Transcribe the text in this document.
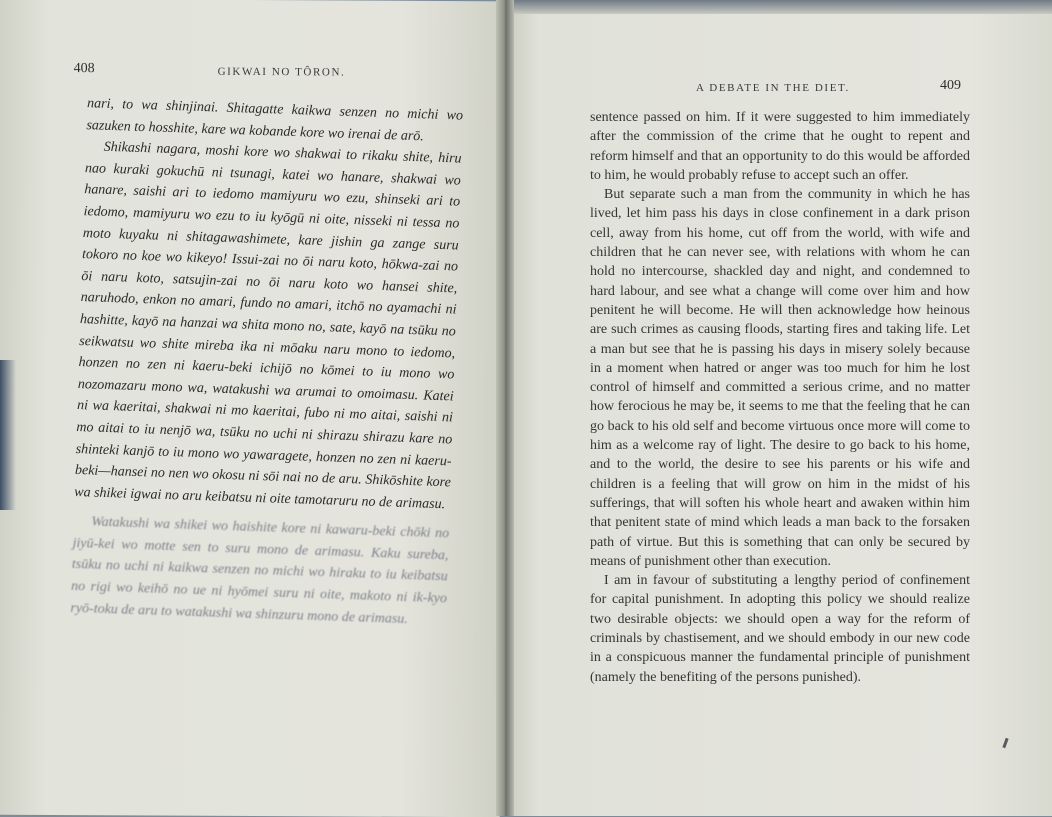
408	GIKWAI NO TÔRON.

nari, to wa shinjinai. Shitagatte kaikwa senzen no michi wo sazuken to hosshite, kare wa kobande kore wo irenai de arō.

Shikashi nagara, moshi kore wo shakwai to rikaku shite, hiru nao kuraki gokuchū ni tsunagi, katei wo hanare, shakwai wo hanare, saishi ari to iedomo mamiyuru wo ezu, shinseki ari to iedomo, mamiyuru wo ezu to iu kyōgū ni oite, nisseki ni tessa no moto kuyaku ni shitagawashimete, kare jishin ga zange suru tokoro no koe wo kikeyo! Issui-zai no ōi naru koto, hōkwa-zai no ōi naru koto, satsujin-zai no ōi naru koto wo hansei shite, naruhodo, enkon no amari, fundo no amari, itchō no ayamachi ni hashitte, kayō na hanzai wa shita mono no, sate, kayō na tsūku no seikwatsu wo shite mireba ika ni mōaku naru mono to iedomo, honzen no zen ni kaeru-beki ichijō no kōmei to iu mono wo nozomazaru mono wa, watakushi wa arumai to omoimasu. Katei ni wa kaeritai, shakwai ni mo kaeritai, fubo ni mo aitai, saishi ni mo aitai to iu nenjō wa, tsūku no uchi ni shirazu shirazu kare no shinteki kanjō to iu mono wo yawaragete, honzen no zen ni kaeru-beki—hansei no nen wo okosu ni sōi nai no de aru. Shikōshite kore wa shikei igwai no aru keibatsu ni oite tamotaruru no de arimasu.

Watakushi wa shikei wo haishite kore ni kawaru-beki chōki no jiyū-kei wo motte sen to suru mono de arimasu. Kaku sureba, tsūku no uchi ni kaikwa senzen no michi wo hiraku to iu keibatsu no rigi wo keihō no ue ni hyōmei suru ni oite, makoto ni ik-kyo ryō-toku de aru to watakushi wa shinzuru mono de arimasu.

A DEBATE IN THE DIET.	409

sentence passed on him. If it were suggested to him immediately after the commission of the crime that he ought to repent and reform himself and that an opportunity to do this would be afforded to him, he would probably refuse to accept such an offer.

But separate such a man from the community in which he has lived, let him pass his days in close confinement in a dark prison cell, away from his home, cut off from the world, with wife and children that he can never see, with relations with whom he can hold no intercourse, shackled day and night, and condemned to hard labour, and see what a change will come over him and how penitent he will become. He will then acknowledge how heinous are such crimes as causing floods, starting fires and taking life. Let a man but see that he is passing his days in misery solely because in a moment when hatred or anger was too much for him he lost control of himself and committed a serious crime, and no matter how ferocious he may be, it seems to me that the feeling that he can go back to his old self and become virtuous once more will come to him as a welcome ray of light. The desire to go back to his home, and to the world, the desire to see his parents or his wife and children is a feeling that will grow on him in the midst of his sufferings, that will soften his whole heart and awaken within him that penitent state of mind which leads a man back to the forsaken path of virtue. But this is something that can only be secured by means of punishment other than execution.

I am in favour of substituting a lengthy period of confinement for capital punishment. In adopting this policy we should realize two desirable objects: we should open a way for the reform of criminals by chastisement, and we should embody in our new code in a conspicuous manner the fundamental principle of punishment (namely the benefiting of the persons punished).
